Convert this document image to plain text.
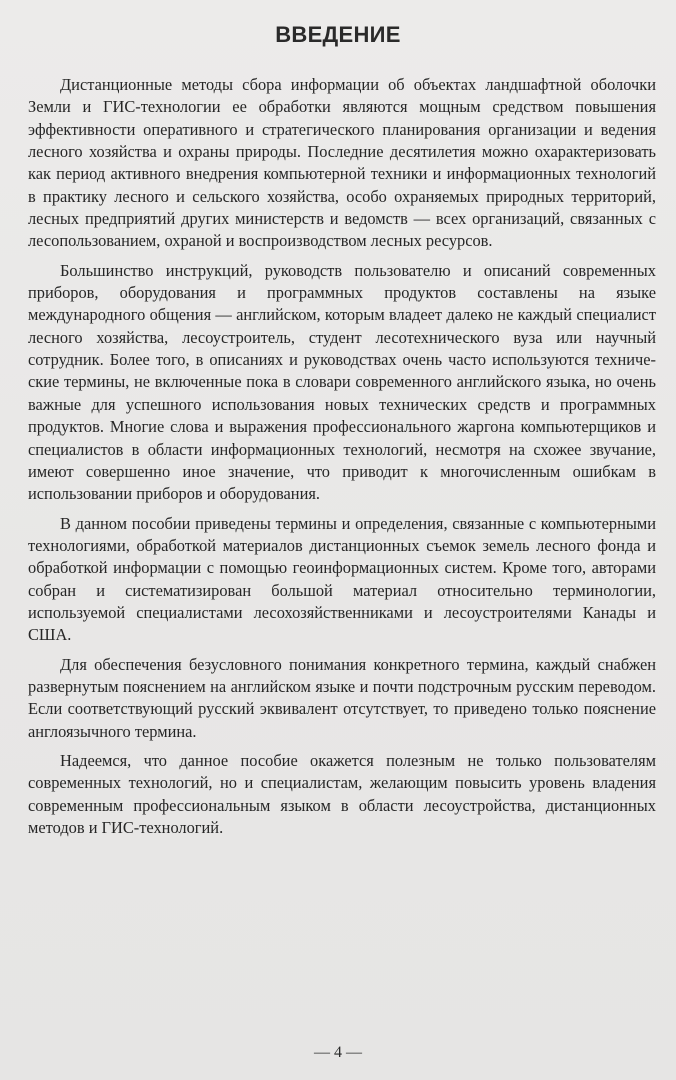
ВВЕДЕНИЕ

Дистанционные методы сбора информации об объектах ландшафтной оболочки Земли и ГИС-технологии ее обработки являются мощным средством повышения эффективности оперативного и стратегического планирования организации и ведения лесного хозяйства и охраны природы. Последние десятилетия можно охарактеризовать как период активного внедрения компьютерной техники и информационных технологий в практику лесного и сельского хозяйства, особо охраняемых природных территорий, лесных предприятий других министерств и ведомств — всех организаций, связанных с лесопользованием, охраной и воспроизводством лесных ресурсов.

Большинство инструкций, руководств пользователю и описаний современных приборов, оборудования и программных продуктов составлены на языке международного общения — английском, которым владеет далеко не каждый специалист лесного хозяйства, лесоустроитель, студент лесотехнического вуза или научный сотрудник. Более того, в описаниях и руководствах очень часто используются технические термины, не включенные пока в словари современного английского языка, но очень важные для успешного использования новых технических средств и программных продуктов. Многие слова и выражения профессионального жаргона компьютерщиков и специалистов в области информационных технологий, несмотря на схожее звучание, имеют совершенно иное значение, что приводит к многочисленным ошибкам в использовании приборов и оборудования.

В данном пособии приведены термины и определения, связанные с компьютерными технологиями, обработкой материалов дистанционных съемок земель лесного фонда и обработкой информации с помощью геоинформационных систем. Кроме того, авторами собран и систематизирован большой материал относительно терминологии, используемой специалистами лесохозяйственниками и лесоустроителями Канады и США.

Для обеспечения безусловного понимания конкретного термина, каждый снабжен развернутым пояснением на английском языке и почти подстрочным русским переводом. Если соответствующий русский эквивалент отсутствует, то приведено только пояснение англоязычного термина.

Надеемся, что данное пособие окажется полезным не только пользователям современных технологий, но и специалистам, желающим повысить уровень владения современным профессиональным языком в области лесоустройства, дистанционных методов и ГИС-технологий.

— 4 —
